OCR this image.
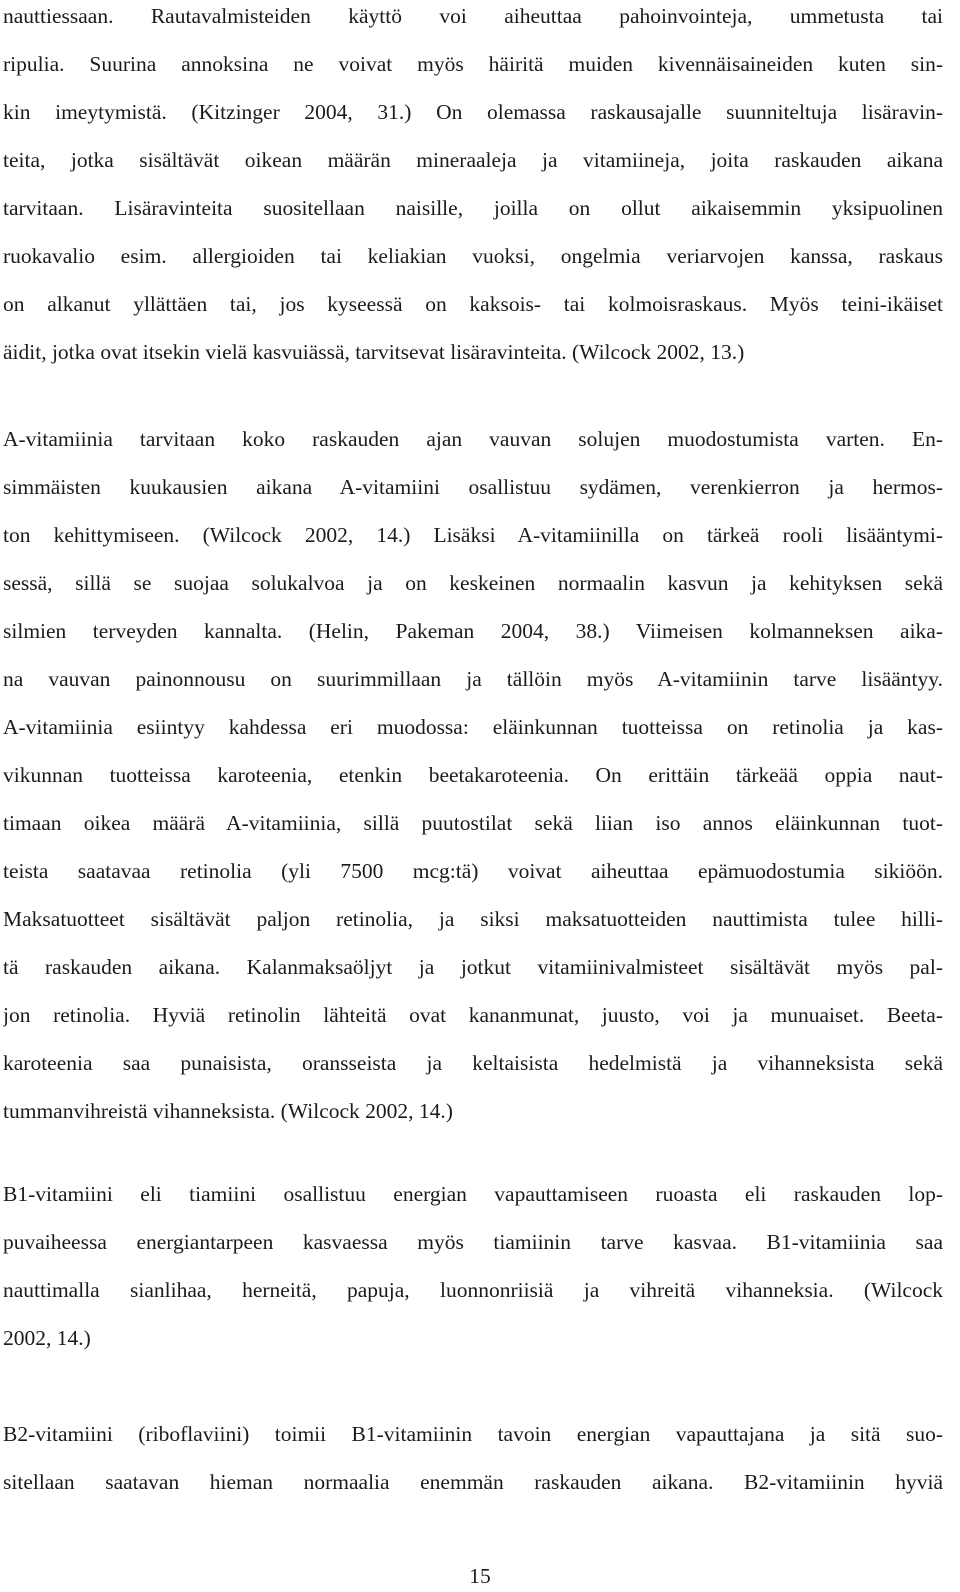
nauttiessaan. Rautavalmisteiden käyttö voi aiheuttaa pahoinvointeja, ummetusta tai
ripulia. Suurina annoksina ne voivat myös häiritä muiden kivennäisaineiden kuten sin-
kin imeytymistä. (Kitzinger 2004, 31.) On olemassa raskausajalle suunniteltuja lisäravin-
teita, jotka sisältävät oikean määrän mineraaleja ja vitamiineja, joita raskauden aikana
tarvitaan. Lisäravinteita suositellaan naisille, joilla on ollut aikaisemmin yksipuolinen
ruokavalio esim. allergioiden tai keliakian vuoksi, ongelmia veriarvojen kanssa, raskaus
on alkanut yllättäen tai, jos kyseessä on kaksois- tai kolmoisraskaus. Myös teini-ikäiset
äidit, jotka ovat itsekin vielä kasvuiässä, tarvitsevat lisäravinteita. (Wilcock 2002, 13.)
A-vitamiinia tarvitaan koko raskauden ajan vauvan solujen muodostumista varten. En-
simmäisten kuukausien aikana A-vitamiini osallistuu sydämen, verenkierron ja hermos-
ton kehittymiseen. (Wilcock 2002, 14.) Lisäksi A-vitamiinilla on tärkeä rooli lisääntymi-
sessä, sillä se suojaa solukalvoa ja on keskeinen normaalin kasvun ja kehityksen sekä
silmien terveyden kannalta. (Helin, Pakeman 2004, 38.) Viimeisen kolmanneksen aika-
na vauvan painonnousu on suurimmillaan ja tällöin myös A-vitamiinin tarve lisääntyy.
A-vitamiinia esiintyy kahdessa eri muodossa: eläinkunnan tuotteissa on retinolia ja kas-
vikunnan tuotteissa karoteenia, etenkin beetakaroteenia. On erittäin tärkeää oppia naut-
timaan oikea määrä A-vitamiinia, sillä puutostilat sekä liian iso annos eläinkunnan tuot-
teista saatavaa retinolia (yli 7500 mcg:tä) voivat aiheuttaa epämuodostumia sikiöön.
Maksatuotteet sisältävät paljon retinolia, ja siksi maksatuotteiden nauttimista tulee hilli-
tä raskauden aikana. Kalanmaksaöljyt ja jotkut vitamiinivalmisteet sisältävät myös pal-
jon retinolia. Hyviä retinolin lähteitä ovat kananmunat, juusto, voi ja munuaiset. Beeta-
karoteenia saa punaisista, oransseista ja keltaisista hedelmistä ja vihanneksista sekä
tummanvihreistä vihanneksista. (Wilcock 2002, 14.)
B1-vitamiini eli tiamiini osallistuu energian vapauttamiseen ruoasta eli raskauden lop-
puvaiheessa energiantarpeen kasvaessa myös tiamiinin tarve kasvaa. B1-vitamiinia saa
nauttimalla sianlihaa, herneitä, papuja, luonnonriisiä ja vihreitä vihanneksia. (Wilcock
2002, 14.)
B2-vitamiini (riboflaviini) toimii B1-vitamiinin tavoin energian vapauttajana ja sitä suo-
sitellaan saatavan hieman normaalia enemmän raskauden aikana. B2-vitamiinin hyviä
15
